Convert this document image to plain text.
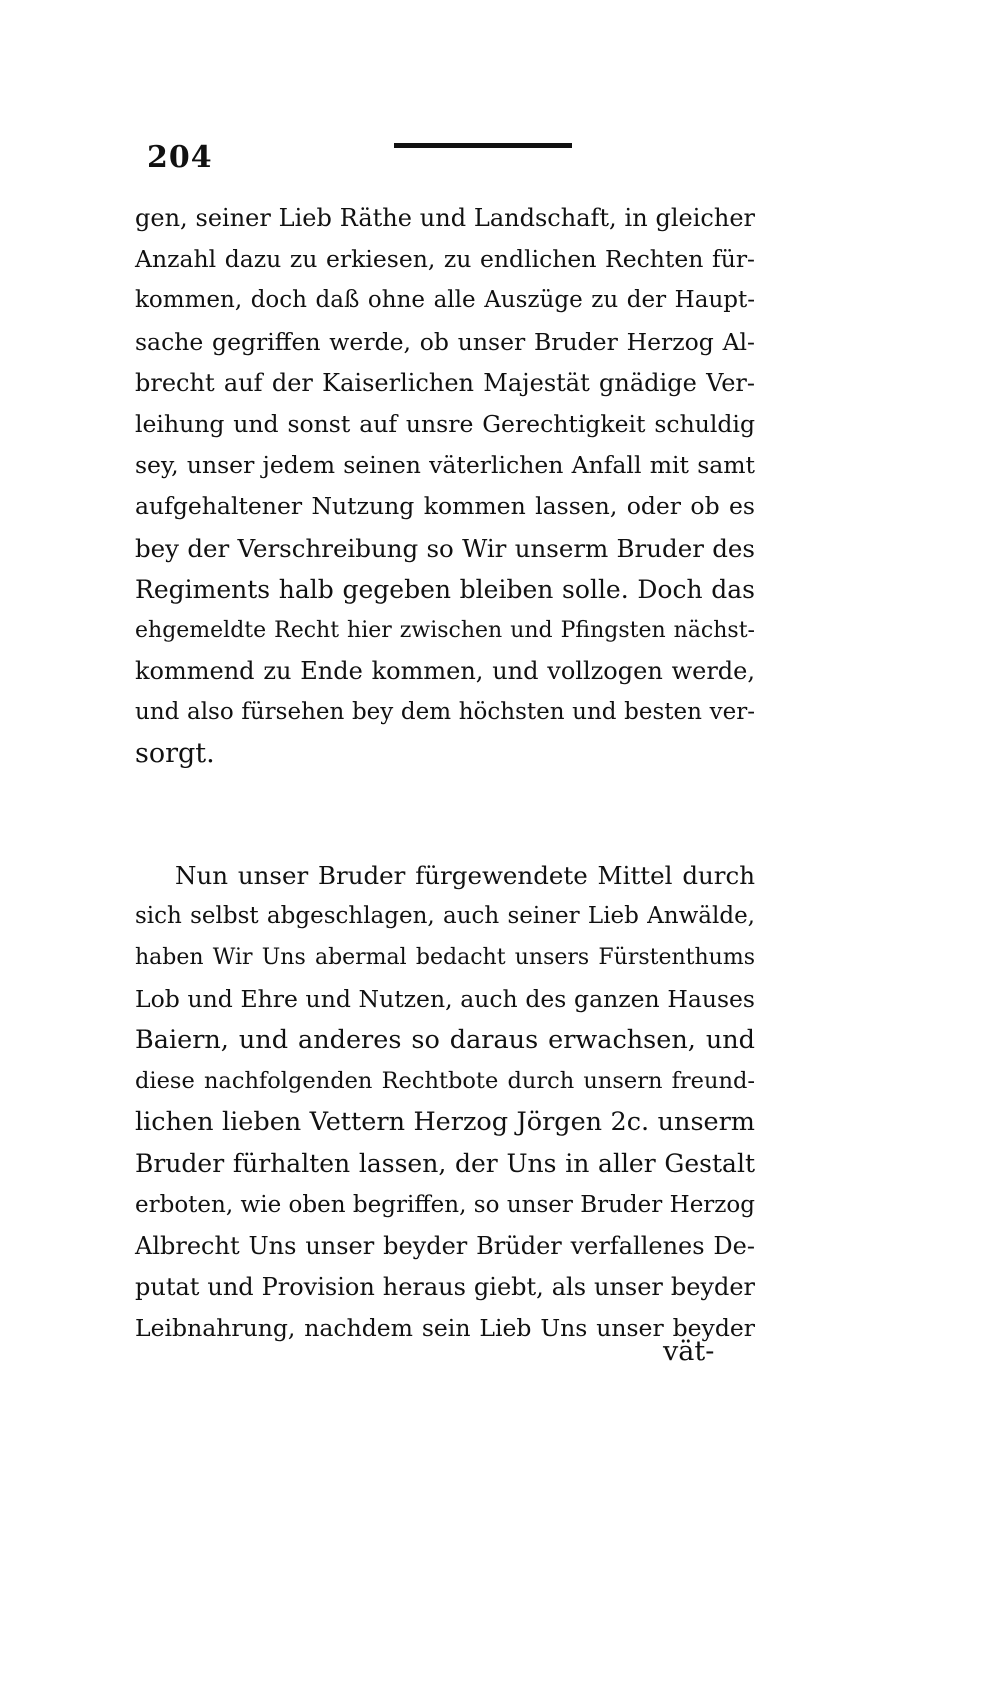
204
gen, seiner Lieb Räthe und Landschaft, in gleicher
Anzahl dazu zu erkiesen, zu endlichen Rechten für-
kommen, doch daß ohne alle Auszüge zu der Haupt-
sache gegriffen werde, ob unser Bruder Herzog Al-
brecht auf der Kaiserlichen Majestät gnädige Ver-
leihung und sonst auf unsre Gerechtigkeit schuldig
sey, unser jedem seinen väterlichen Anfall mit samt
aufgehaltener Nutzung kommen lassen, oder ob es
bey der Verschreibung so Wir unserm Bruder des
Regiments halb gegeben bleiben solle. Doch das
ehgemeldte Recht hier zwischen und Pfingsten nächst-
kommend zu Ende kommen, und vollzogen werde,
und also fürsehen bey dem höchsten und besten ver-
sorgt.
Nun unser Bruder fürgewendete Mittel durch
sich selbst abgeschlagen, auch seiner Lieb Anwälde,
haben Wir Uns abermal bedacht unsers Fürstenthums
Lob und Ehre und Nutzen, auch des ganzen Hauses
Baiern, und anderes so daraus erwachsen, und
diese nachfolgenden Rechtbote durch unsern freund-
lichen lieben Vettern Herzog Jörgen 2c. unserm
Bruder fürhalten lassen, der Uns in aller Gestalt
erboten, wie oben begriffen, so unser Bruder Herzog
Albrecht Uns unser beyder Brüder verfallenes De-
putat und Provision heraus giebt, als unser beyder
Leibnahrung, nachdem sein Lieb Uns unser beyder
vät-
